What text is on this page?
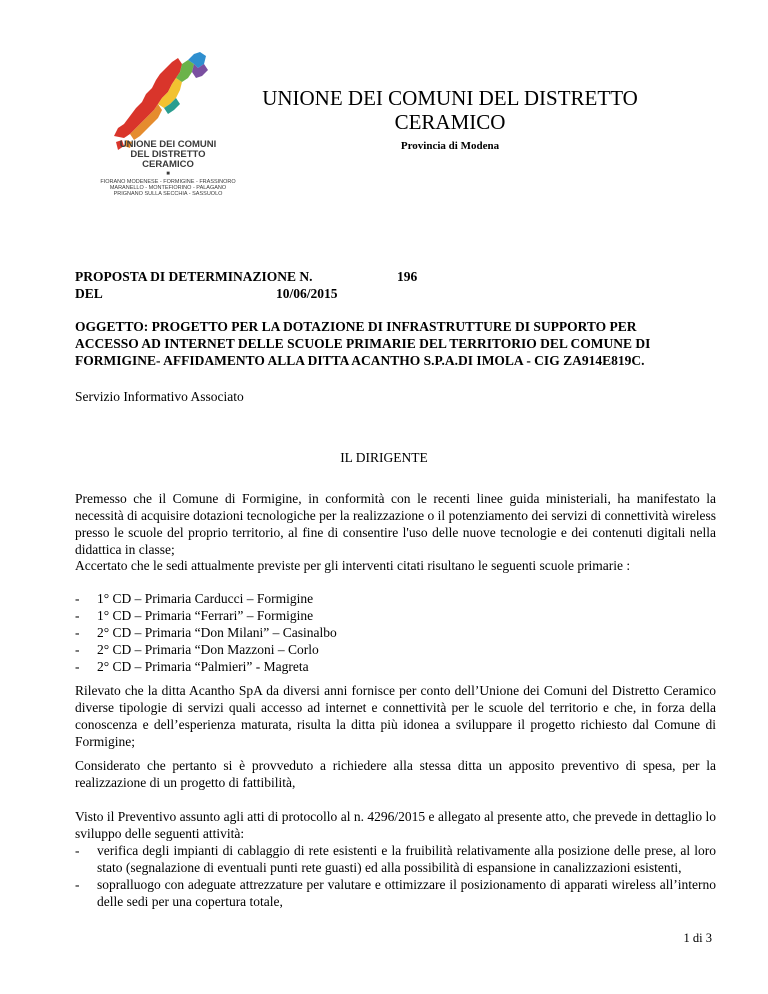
UNIONE DEI COMUNI
DEL DISTRETTO
CERAMICO
■
FIORANO MODENESE - FORMIGINE - FRASSINORO
MARANELLO - MONTEFIORINO - PALAGANO
PRIGNANO SULLA SECCHIA - SASSUOLO
UNIONE DEI COMUNI DEL DISTRETTO
CERAMICO
Provincia di Modena
PROPOSTA DI DETERMINAZIONE N.	196
DEL	10/06/2015
OGGETTO: PROGETTO PER LA DOTAZIONE DI INFRASTRUTTURE DI SUPPORTO PER
ACCESSO AD INTERNET DELLE SCUOLE PRIMARIE DEL TERRITORIO DEL COMUNE DI
FORMIGINE- AFFIDAMENTO ALLA DITTA ACANTHO S.P.A.DI IMOLA - CIG ZA914E819C.
Servizio Informativo Associato
IL DIRIGENTE
Premesso che il Comune di Formigine, in conformità con le recenti linee guida ministeriali, ha manifestato la necessità di acquisire dotazioni tecnologiche per la realizzazione o il potenziamento dei servizi di connettività wireless presso le scuole del proprio territorio, al fine di consentire l'uso delle nuove tecnologie e dei contenuti digitali nella didattica in classe;
Accertato che le sedi attualmente previste per gli interventi citati risultano le seguenti scuole primarie :
- 1° CD – Primaria Carducci – Formigine
- 1° CD – Primaria “Ferrari” – Formigine
- 2° CD – Primaria “Don Milani” – Casinalbo
- 2° CD – Primaria “Don Mazzoni – Corlo
- 2° CD – Primaria “Palmieri” - Magreta
Rilevato che la ditta Acantho SpA da diversi anni fornisce per conto dell’Unione dei Comuni del Distretto Ceramico diverse tipologie di servizi quali accesso ad internet e connettività per le scuole del territorio e che, in forza della conoscenza e dell’esperienza maturata, risulta la ditta più idonea a sviluppare il progetto richiesto dal Comune di Formigine;
Considerato che pertanto si è provveduto a richiedere alla stessa ditta un apposito preventivo di spesa, per la realizzazione di un progetto di fattibilità,
Visto il Preventivo assunto agli atti di protocollo al n. 4296/2015 e allegato al presente atto, che prevede in dettaglio lo sviluppo delle seguenti attività:
- verifica degli impianti di cablaggio di rete esistenti e la fruibilità relativamente alla posizione delle prese, al loro stato (segnalazione di eventuali punti rete guasti) ed alla possibilità di espansione in canalizzazioni esistenti,
- sopralluogo con adeguate attrezzature per valutare e ottimizzare il posizionamento di apparati wireless all’interno delle sedi per una copertura totale,
1 di 3
